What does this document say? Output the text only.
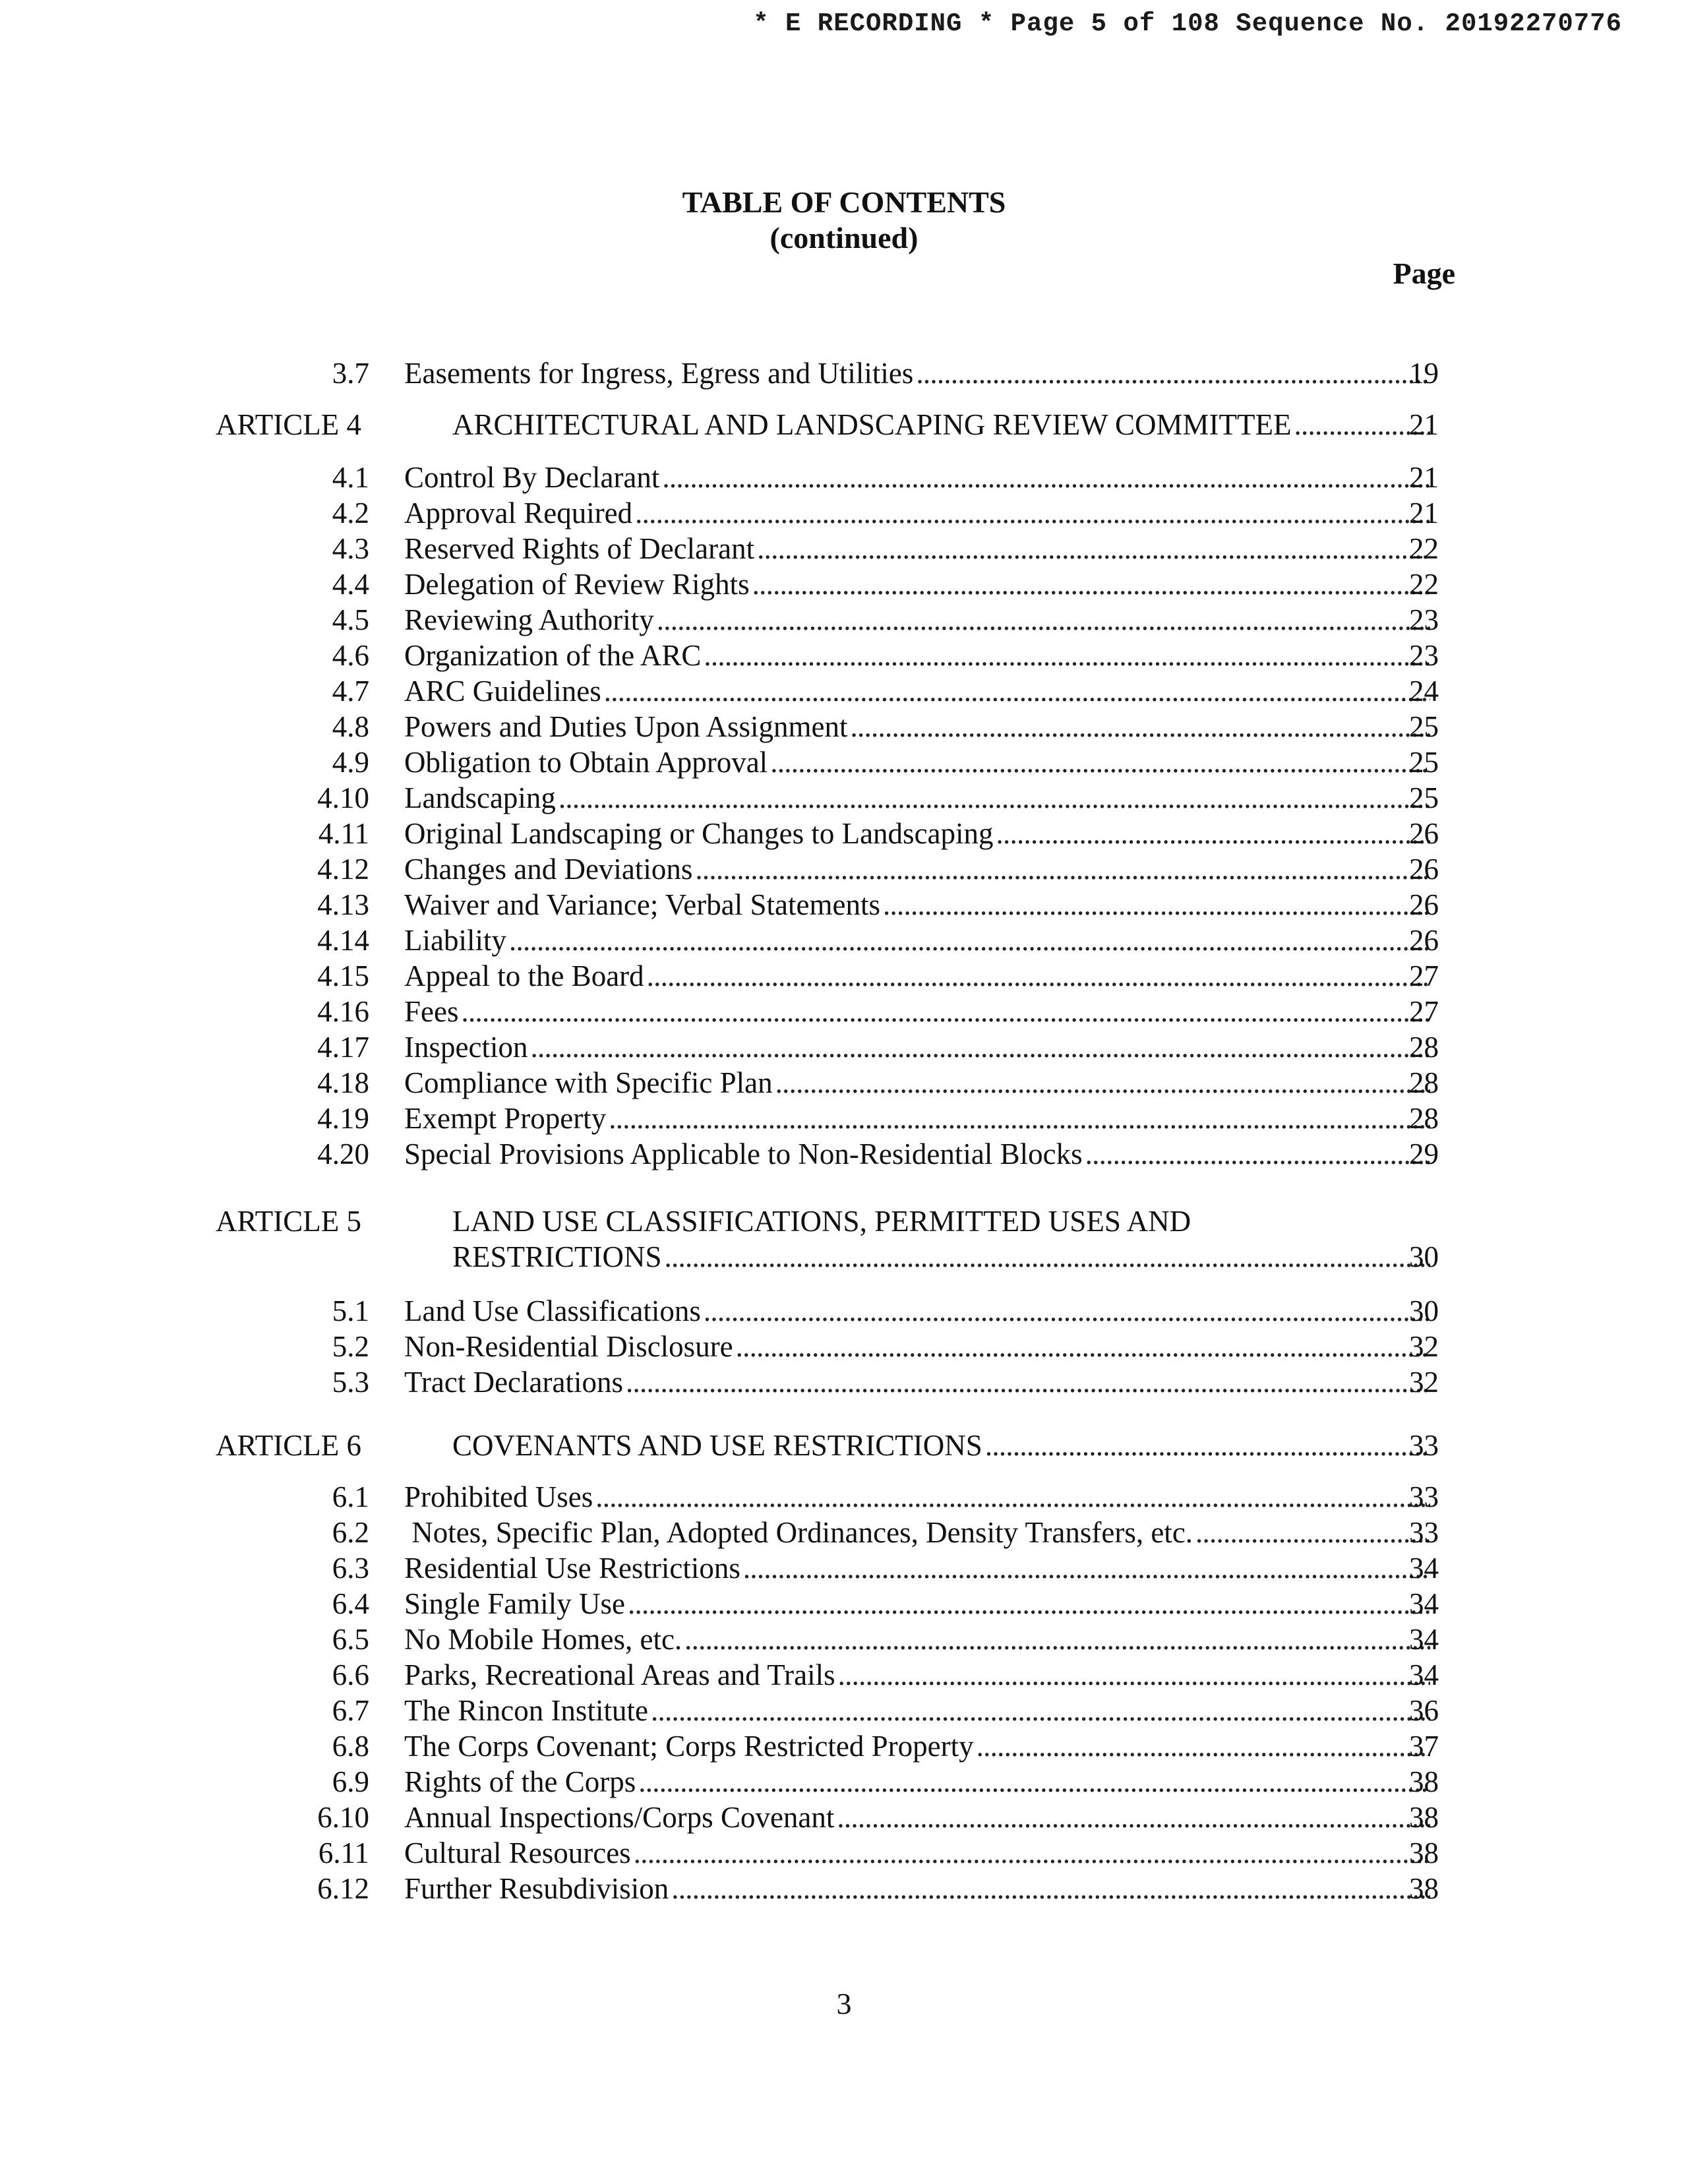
* E RECORDING * Page 5 of 108 Sequence No. 20192270776
TABLE OF CONTENTS
(continued)
Page
3.7 Easements for Ingress, Egress and Utilities . . .	19
ARTICLE 4	ARCHITECTURAL AND LANDSCAPING REVIEW COMMITTEE . . .	21
4.1 Control By Declarant . . .	21
4.2 Approval Required . . .	21
4.3 Reserved Rights of Declarant . . .	22
4.4 Delegation of Review Rights . . .	22
4.5 Reviewing Authority . . .	23
4.6 Organization of the ARC . . .	23
4.7 ARC Guidelines . . .	24
4.8 Powers and Duties Upon Assignment . . .	25
4.9 Obligation to Obtain Approval . . .	25
4.10 Landscaping . . .	25
4.11 Original Landscaping or Changes to Landscaping . . .	26
4.12 Changes and Deviations . . .	26
4.13 Waiver and Variance; Verbal Statements . . .	26
4.14 Liability . . .	26
4.15 Appeal to the Board . . .	27
4.16 Fees . . .	27
4.17 Inspection . . .	28
4.18 Compliance with Specific Plan . . .	28
4.19 Exempt Property . . .	28
4.20 Special Provisions Applicable to Non-Residential Blocks . . .	29
ARTICLE 5	LAND USE CLASSIFICATIONS, PERMITTED USES AND
RESTRICTIONS . . .	30
5.1 Land Use Classifications . . .	30
5.2 Non-Residential Disclosure . . .	32
5.3 Tract Declarations . . .	32
ARTICLE 6	COVENANTS AND USE RESTRICTIONS . . .	33
6.1 Prohibited Uses . . .	33
6.2 Notes, Specific Plan, Adopted Ordinances, Density Transfers, etc. . . .	33
6.3 Residential Use Restrictions . . .	34
6.4 Single Family Use . . .	34
6.5 No Mobile Homes, etc. . . .	34
6.6 Parks, Recreational Areas and Trails . . .	34
6.7 The Rincon Institute . . .	36
6.8 The Corps Covenant; Corps Restricted Property . . .	37
6.9 Rights of the Corps . . .	38
6.10 Annual Inspections/Corps Covenant . . .	38
6.11 Cultural Resources . . .	38
6.12 Further Resubdivision . . .	38
3
